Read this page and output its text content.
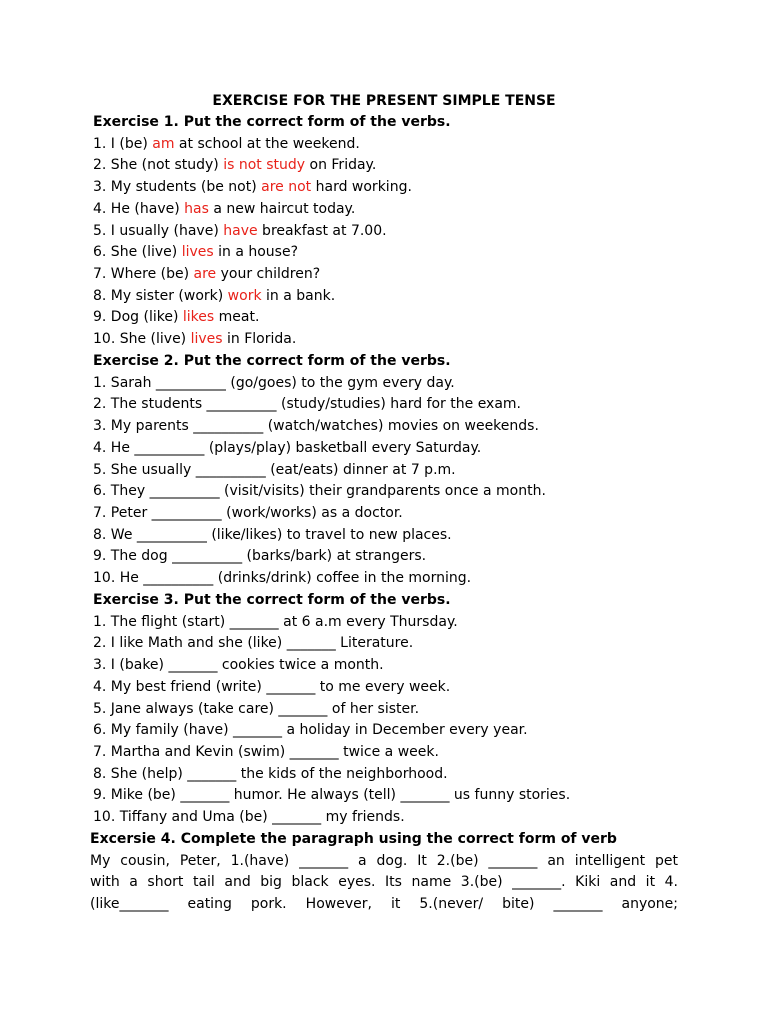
EXERCISE FOR THE PRESENT SIMPLE TENSE
Exercise 1. Put the correct form of the verbs.
1. I (be) am at school at the weekend.
2. She (not study) is not study on Friday.
3. My students (be not) are not hard working.
4. He (have) has a new haircut today.
5. I usually (have) have breakfast at 7.00.
6. She (live) lives in a house?
7. Where (be) are your children?
8. My sister (work) work in a bank.
9. Dog (like) likes meat.
10. She (live) lives in Florida.
Exercise 2. Put the correct form of the verbs.
1. Sarah __________ (go/goes) to the gym every day.
2. The students __________ (study/studies) hard for the exam.
3. My parents __________ (watch/watches) movies on weekends.
4. He __________ (plays/play) basketball every Saturday.
5. She usually __________ (eat/eats) dinner at 7 p.m.
6. They __________ (visit/visits) their grandparents once a month.
7. Peter __________ (work/works) as a doctor.
8. We __________ (like/likes) to travel to new places.
9. The dog __________ (barks/bark) at strangers.
10. He __________ (drinks/drink) coffee in the morning.
Exercise 3. Put the correct form of the verbs.
1. The flight (start) _______ at 6 a.m every Thursday.
2. I like Math and she (like) _______ Literature.
3. I (bake) _______ cookies twice a month.
4. My best friend (write) _______ to me every week.
5. Jane always (take care) _______ of her sister.
6. My family (have) _______ a holiday in December every year.
7. Martha and Kevin (swim) _______ twice a week.
8. She (help) _______ the kids of the neighborhood.
9. Mike (be) _______ humor. He always (tell) _______ us funny stories.
10. Tiffany and Uma (be) _______ my friends.
Excersie 4. Complete the paragraph using the correct form of verb
My cousin, Peter, 1.(have) _______ a dog. It 2.(be) _______ an intelligent pet
with a short tail and big black eyes. Its name 3.(be) _______. Kiki and it 4.
(like_______ eating pork. However, it 5.(never/ bite) _______ anyone;
